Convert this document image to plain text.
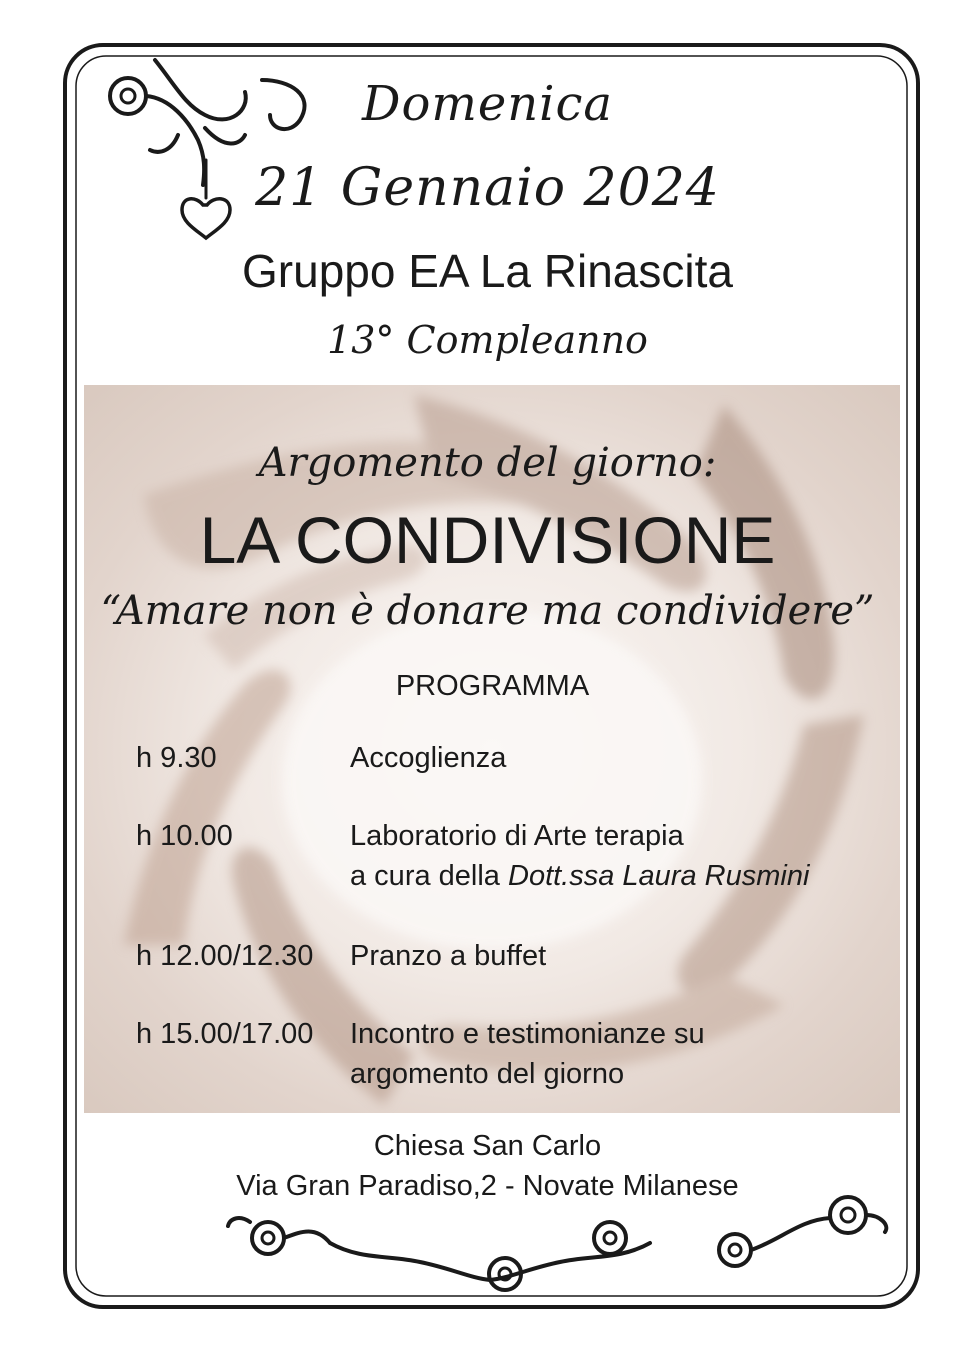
Domenica
21 Gennaio 2024
Gruppo EA La Rinascita
13° Compleanno
Argomento del giorno:
LA CONDIVISIONE
“Amare non è donare ma condividere”
PROGRAMMA
h 9.30	Accoglienza
h 10.00	Laboratorio di Arte terapia
a cura della Dott.ssa Laura Rusmini
h 12.00/12.30 Pranzo a buffet
h 15.00/17.00 Incontro e testimonianze su
argomento del giorno
Chiesa San Carlo
Via Gran Paradiso,2 - Novate Milanese
